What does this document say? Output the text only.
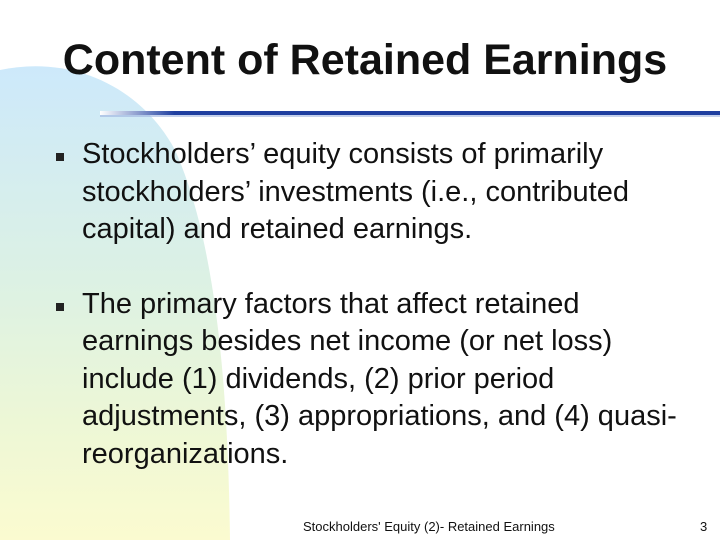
Content of Retained Earnings
Stockholders’ equity consists of primarily stockholders’ investments (i.e., contributed capital) and retained earnings.
The primary factors that affect retained earnings besides net income (or net loss) include (1) dividends, (2) prior period adjustments, (3) appropriations, and (4) quasi-reorganizations.
Stockholders' Equity (2)- Retained Earnings	3
